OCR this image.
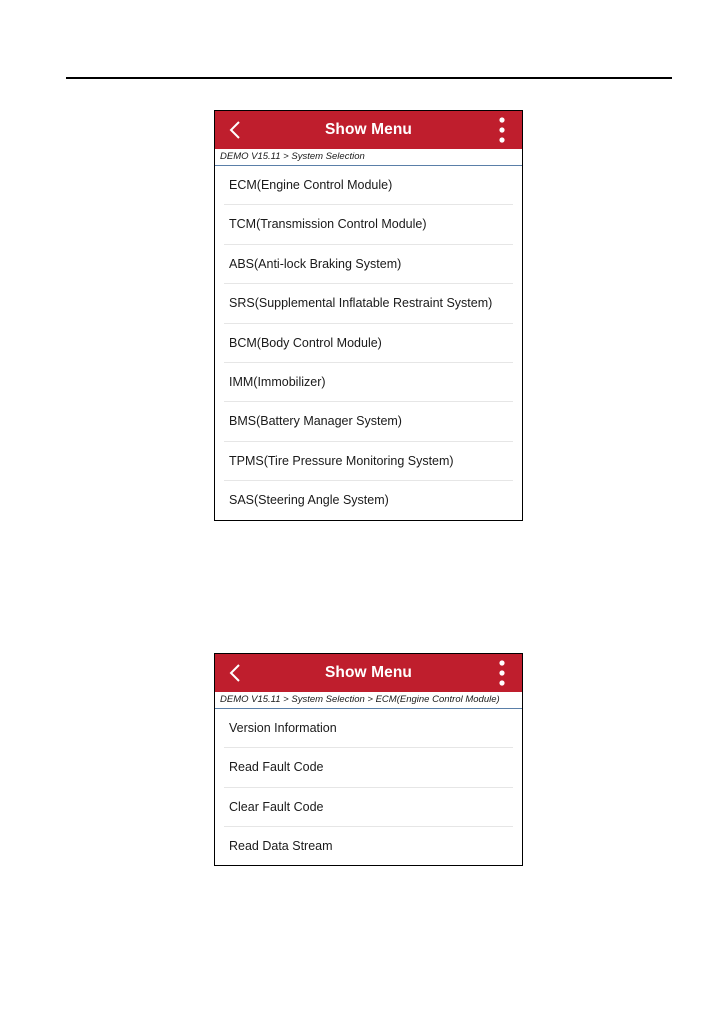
Show Menu
DEMO V15.11 > System Selection
ECM(Engine Control Module)
TCM(Transmission Control Module)
ABS(Anti-lock Braking System)
SRS(Supplemental Inflatable Restraint System)
BCM(Body Control Module)
IMM(Immobilizer)
BMS(Battery Manager System)
TPMS(Tire Pressure Monitoring System)
SAS(Steering Angle System)
Show Menu
DEMO V15.11 > System Selection > ECM(Engine Control Module)
Version Information
Read Fault Code
Clear Fault Code
Read Data Stream
